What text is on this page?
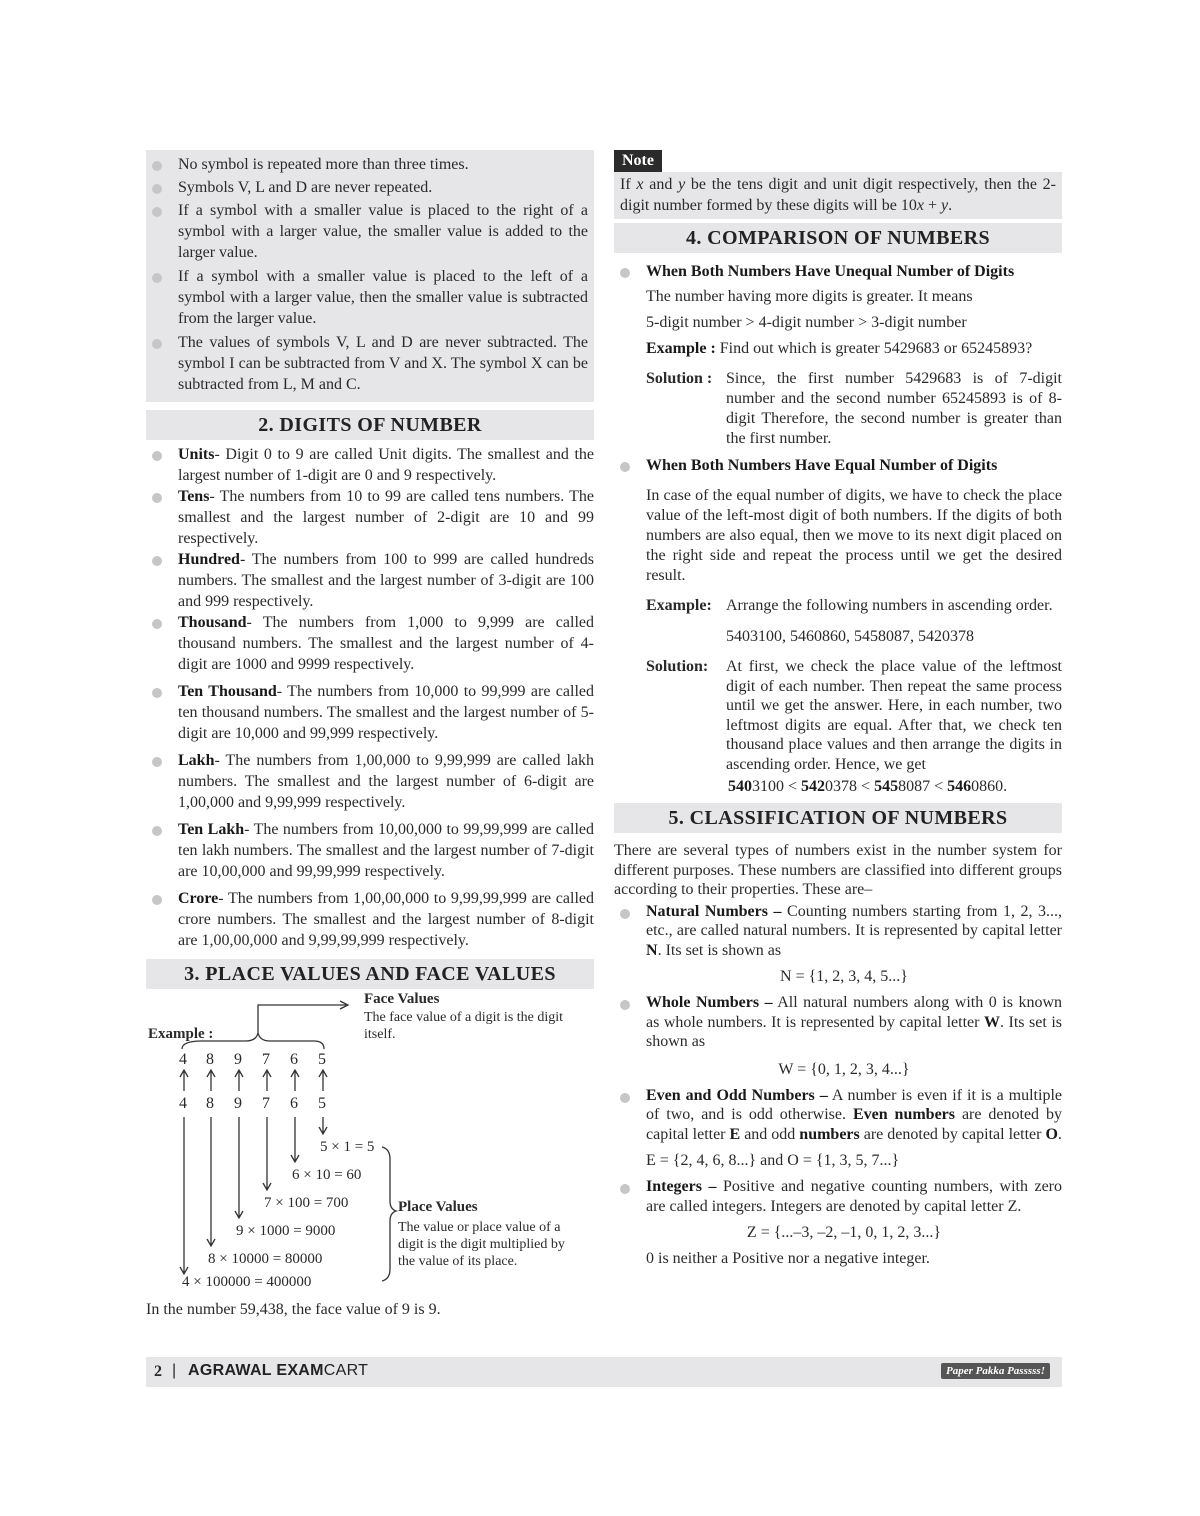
No symbol is repeated more than three times.
Symbols V, L and D are never repeated.
If a symbol with a smaller value is placed to the right of a symbol with a larger value, the smaller value is added to the larger value.
If a symbol with a smaller value is placed to the left of a symbol with a larger value, then the smaller value is subtracted from the larger value.
The values of symbols V, L and D are never subtracted. The symbol I can be subtracted from V and X. The symbol X can be subtracted from L, M and C.
2. DIGITS OF NUMBER
Units- Digit 0 to 9 are called Unit digits. The smallest and the largest number of 1-digit are 0 and 9 respectively.
Tens- The numbers from 10 to 99 are called tens numbers. The smallest and the largest number of 2-digit are 10 and 99 respectively.
Hundred- The numbers from 100 to 999 are called hundreds numbers. The smallest and the largest number of 3-digit are 100 and 999 respectively.
Thousand- The numbers from 1,000 to 9,999 are called thousand numbers. The smallest and the largest number of 4-digit are 1000 and 9999 respectively.
Ten Thousand- The numbers from 10,000 to 99,999 are called ten thousand numbers. The smallest and the largest number of 5-digit are 10,000 and 99,999 respectively.
Lakh- The numbers from 1,00,000 to 9,99,999 are called lakh numbers. The smallest and the largest number of 6-digit are 1,00,000 and 9,99,999 respectively.
Ten Lakh- The numbers from 10,00,000 to 99,99,999 are called ten lakh numbers. The smallest and the largest number of 7-digit are 10,00,000 and 99,99,999 respectively.
Crore- The numbers from 1,00,00,000 to 9,99,99,999 are called crore numbers. The smallest and the largest number of 8-digit are 1,00,00,000 and 9,99,99,999 respectively.
3. PLACE VALUES AND FACE VALUES
Face Values
The face value of a digit is the digit itself.
Example :
4 8 9 7 6 5
4 8 9 7 6 5
5 × 1 = 5
6 × 10 = 60
7 × 100 = 700
9 × 1000 = 9000
8 × 10000 = 80000
4 × 100000 = 400000
Place Values
The value or place value of a digit is the digit multiplied by the value of its place.
In the number 59,438, the face value of 9 is 9.
Note
If x and y be the tens digit and unit digit respectively, then the 2-digit number formed by these digits will be 10x + y.
4. COMPARISON OF NUMBERS
When Both Numbers Have Unequal Number of Digits
The number having more digits is greater. It means
5-digit number > 4-digit number > 3-digit number
Example : Find out which is greater 5429683 or 65245893?
Solution : Since, the first number 5429683 is of 7-digit number and the second number 65245893 is of 8-digit Therefore, the second number is greater than the first number.
When Both Numbers Have Equal Number of Digits
In case of the equal number of digits, we have to check the place value of the left-most digit of both numbers. If the digits of both numbers are also equal, then we move to its next digit placed on the right side and repeat the process until we get the desired result.
Example: Arrange the following numbers in ascending order.
5403100, 5460860, 5458087, 5420378
Solution:	At first, we check the place value of the leftmost digit of each number. Then repeat the same process until we get the answer. Here, in each number, two leftmost digits are equal. After that, we check ten thousand place values and then arrange the digits in ascending order. Hence, we get
5403100 < 5420378 < 5458087 < 5460860.
5. CLASSIFICATION OF NUMBERS
There are several types of numbers exist in the number system for different purposes. These numbers are classified into different groups according to their properties. These are–
Natural Numbers – Counting numbers starting from 1, 2, 3..., etc., are called natural numbers. It is represented by capital letter N. Its set is shown as
N = {1, 2, 3, 4, 5...}
Whole Numbers – All natural numbers along with 0 is known as whole numbers. It is represented by capital letter W. Its set is shown as
W = {0, 1, 2, 3, 4...}
Even and Odd Numbers – A number is even if it is a multiple of two, and is odd otherwise. Even numbers are denoted by capital letter E and odd numbers are denoted by capital letter O.
E = {2, 4, 6, 8...} and O = {1, 3, 5, 7...}
Integers – Positive and negative counting numbers, with zero are called integers. Integers are denoted by capital letter Z.
Z = {...–3, –2, –1, 0, 1, 2, 3...}
0 is neither a Positive nor a negative integer.
2 | AGRAWAL EXAMCART	Paper Pakka Passsss!
